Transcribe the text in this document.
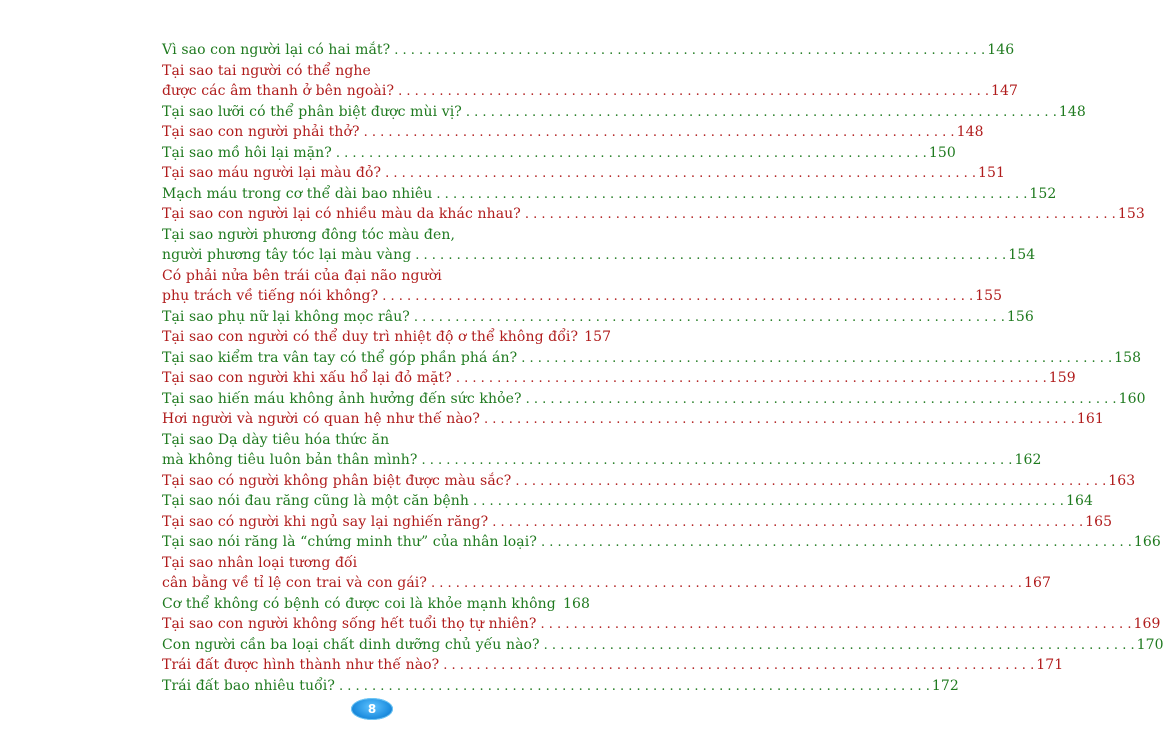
Vì sao con người lại có hai mắt? . . .	146
Tại sao tai người có thể nghe
được các âm thanh ở bên ngoài? . . .	147
Tại sao lưỡi có thể phân biệt được mùi vị? . . .	148
Tại sao con người phải thở? . . .	148
Tại sao mồ hôi lại mặn? . . .	150
Tại sao máu người lại màu đỏ? . . .	151
Mạch máu trong cơ thể dài bao nhiêu . . .	152
Tại sao con người lại có nhiều màu da khác nhau? . . .	153
Tại sao người phương đông tóc màu đen,
người phương tây tóc lại màu vàng . . .	154
Có phải nửa bên trái của đại não người
phụ trách về tiếng nói không? . . .	155
Tại sao phụ nữ lại không mọc râu? . . .	156
Tại sao con người có thể duy trì nhiệt độ ơ thể không đổi? 157
Tại sao kiểm tra vân tay có thể góp phần phá án? . . .	158
Tại sao con người khi xấu hổ lại đỏ mặt? . . .	159
Tại sao hiến máu không ảnh hưởng đến sức khỏe? . . .	160
Hơi người và người có quan hệ như thế nào? . . .	161
Tại sao Dạ dày tiêu hóa thức ăn
mà không tiêu luôn bản thân mình? . . .	162
Tại sao có người không phân biệt được màu sắc? . . .	163
Tại sao nói đau răng cũng là một căn bệnh . . .	164
Tại sao có người khi ngủ say lại nghiến răng? . . .	165
Tại sao nói răng là “chứng minh thư” của nhân loại? . . .	166
Tại sao nhân loại tương đối
cân bằng về tỉ lệ con trai và con gái? . . .	167
Cơ thể không có bệnh có được coi là khỏe mạnh không . . . 168
Tại sao con người không sống hết tuổi thọ tự nhiên? . . .	169
Con người cần ba loại chất dinh dưỡng chủ yếu nào? . . .	170
Trái đất được hình thành như thế nào? . . .	171
Trái đất bao nhiêu tuổi? . . .	172
8
